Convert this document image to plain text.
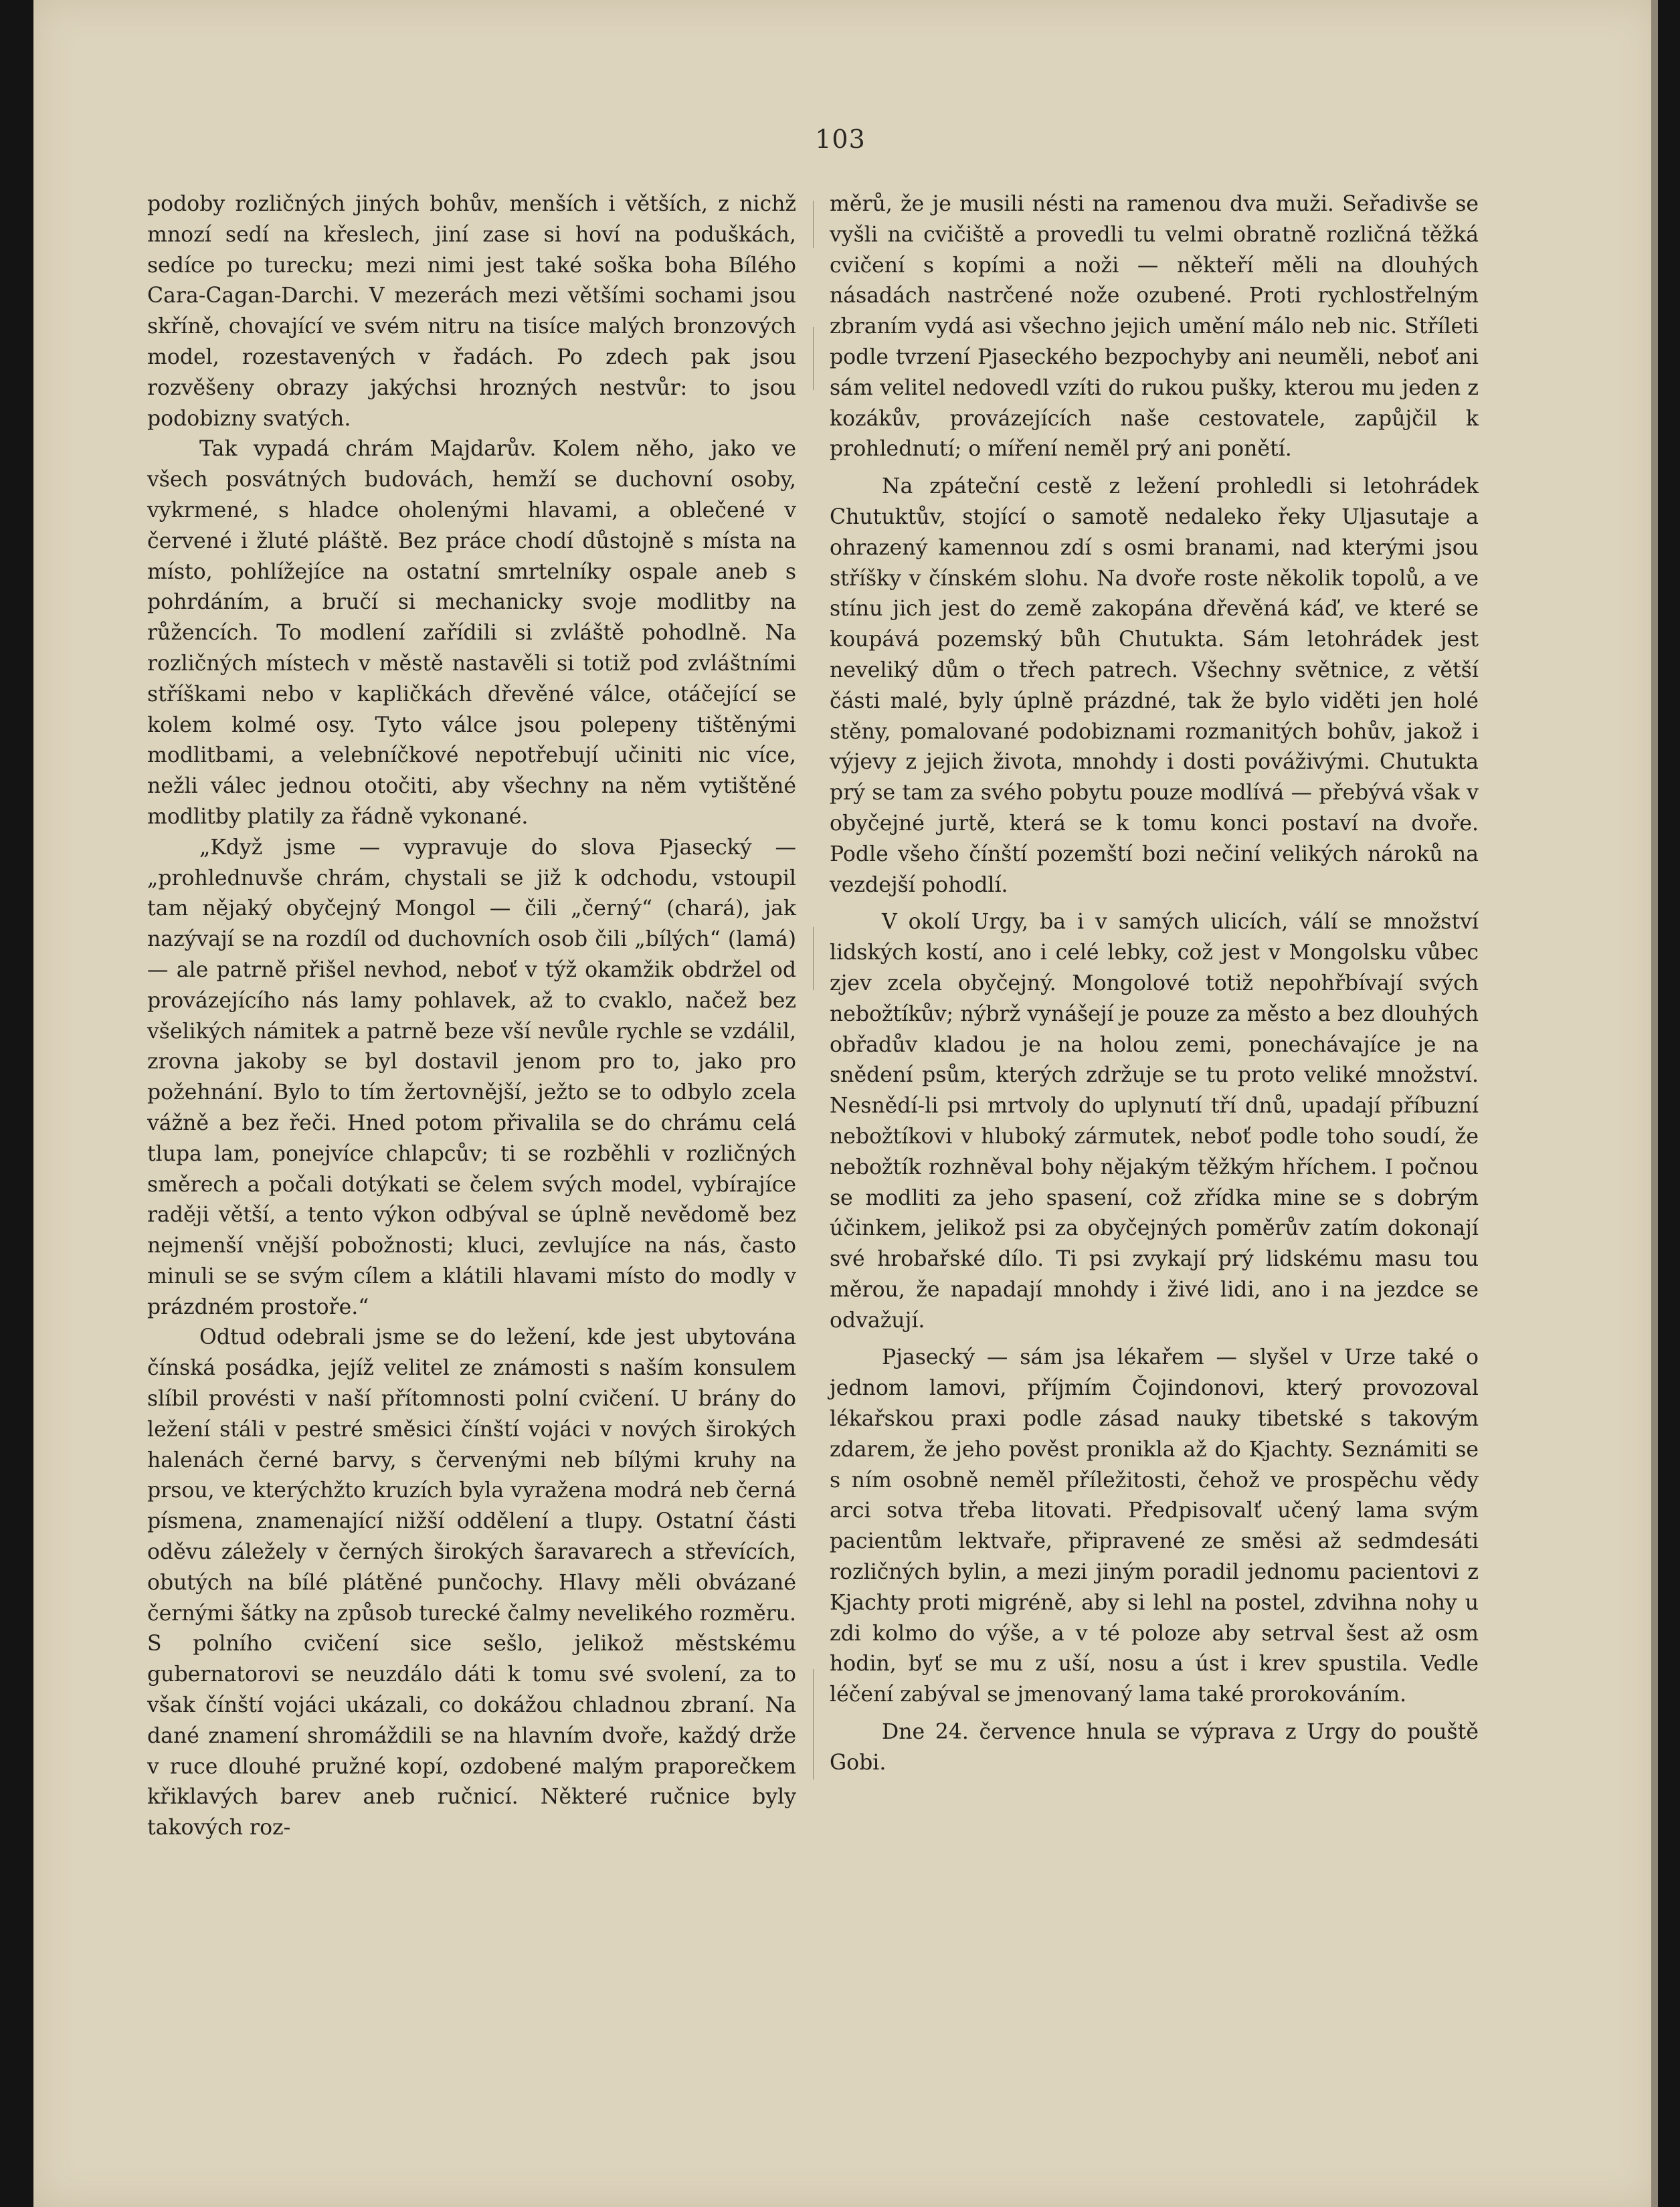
103

podoby rozličných jiných bohův, menších i větších, z nichž mnozí sedí na křeslech, jiní zase si hoví na poduškách, sedíce po turecku; mezi nimi jest také soška boha Bílého Cara-Cagan-Darchi. V mezerách mezi většími sochami jsou skříně, chovající ve svém nitru na tisíce malých bronzových model, rozestavených v řadách. Po zdech pak jsou rozvěšeny obrazy jakýchsi hrozných nestvůr: to jsou podobizny svatých.

Tak vypadá chrám Majdarův. Kolem něho, jako ve všech posvátných budovách, hemží se duchovní osoby, vykrmené, s hladce oholenými hlavami, a oblečené v červené i žluté pláště. Bez práce chodí důstojně s místa na místo, pohlížejíce na ostatní smrtelníky ospale aneb s pohrdáním, a bručí si mechanicky svoje modlitby na růžencích. To modlení zařídili si zvláště pohodlně. Na rozličných místech v městě nastavěli si totiž pod zvláštními stříškami nebo v kapličkách dřevěné válce, otáčející se kolem kolmé osy. Tyto válce jsou polepeny tištěnými modlitbami, a velebníčkové nepotřebují učiniti nic více, nežli válec jednou otočiti, aby všechny na něm vytištěné modlitby platily za řádně vykonané.

„Když jsme — vypravuje do slova Pjasecký — „prohlednuvše chrám, chystali se již k odchodu, vstoupil tam nějaký obyčejný Mongol — čili „černý“ (chará), jak nazývají se na rozdíl od duchovních osob čili „bílých“ (lamá) — ale patrně přišel nevhod, neboť v týž okamžik obdržel od provázejícího nás lamy pohlavek, až to cvaklo, načež bez všelikých námitek a patrně beze vší nevůle rychle se vzdálil, zrovna jakoby se byl dostavil jenom pro to, jako pro požehnání. Bylo to tím žertovnější, ježto se to odbylo zcela vážně a bez řeči. Hned potom přivalila se do chrámu celá tlupa lam, ponejvíce chlapcův; ti se rozběhli v rozličných směrech a počali dotýkati se čelem svých model, vybírajíce raději větší, a tento výkon odbýval se úplně nevědomě bez nejmenší vnější pobožnosti; kluci, zevlujíce na nás, často minuli se se svým cílem a klátili hlavami místo do modly v prázdném prostoře.“

Odtud odebrali jsme se do ležení, kde jest ubytována čínská posádka, jejíž velitel ze známosti s naším konsulem slíbil provésti v naší přítomnosti polní cvičení. U brány do ležení stáli v pestré směsici čínští vojáci v nových širokých halenách černé barvy, s červenými neb bílými kruhy na prsou, ve kterýchžto kruzích byla vyražena modrá neb černá písmena, znamenající nižší oddělení a tlupy. Ostatní části oděvu záležely v černých širokých šaravarech a střevících, obutých na bílé plátěné punčochy. Hlavy měli obvázané černými šátky na způsob turecké čalmy nevelikého rozměru. S polního cvičení sice sešlo, jelikož městskému gubernatorovi se neuzdálo dáti k tomu své svolení, za to však čínští vojáci ukázali, co dokážou chladnou zbraní. Na dané znamení shromáždili se na hlavním dvoře, každý drže v ruce dlouhé pružné kopí, ozdobené malým praporečkem křiklavých barev aneb ručnicí. Některé ručnice byly takových roz-

měrů, že je musili nésti na ramenou dva muži. Seřadivše se vyšli na cvičiště a provedli tu velmi obratně rozličná těžká cvičení s kopími a noži — někteří měli na dlouhých násadách nastrčené nože ozubené. Proti rychlostřelným zbraním vydá asi všechno jejich umění málo neb nic. Stříleti podle tvrzení Pjaseckého bezpochyby ani neuměli, neboť ani sám velitel nedovedl vzíti do rukou pušky, kterou mu jeden z kozákův, provázejících naše cestovatele, zapůjčil k prohlednutí; o míření neměl prý ani ponětí.

Na zpáteční cestě z ležení prohledli si letohrádek Chutuktův, stojící o samotě nedaleko řeky Uljasutaje a ohrazený kamennou zdí s osmi branami, nad kterými jsou stříšky v čínském slohu. Na dvoře roste několik topolů, a ve stínu jich jest do země zakopána dřevěná káď, ve které se koupává pozemský bůh Chutukta. Sám letohrádek jest neveliký dům o třech patrech. Všechny světnice, z větší části malé, byly úplně prázdné, tak že bylo viděti jen holé stěny, pomalované podobiznami rozmanitých bohův, jakož i výjevy z jejich života, mnohdy i dosti pováživými. Chutukta prý se tam za svého pobytu pouze modlívá — přebývá však v obyčejné jurtě, která se k tomu konci postaví na dvoře. Podle všeho čínští pozemští bozi nečiní velikých nároků na vezdejší pohodlí.

V okolí Urgy, ba i v samých ulicích, válí se množství lidských kostí, ano i celé lebky, což jest v Mongolsku vůbec zjev zcela obyčejný. Mongolové totiž nepohřbívají svých nebožtíkův; nýbrž vynášejí je pouze za město a bez dlouhých obřadův kladou je na holou zemi, ponechávajíce je na snědení psům, kterých zdržuje se tu proto veliké množství. Nesnědí-li psi mrtvoly do uplynutí tří dnů, upadají příbuzní nebožtíkovi v hluboký zármutek, neboť podle toho soudí, že nebožtík rozhněval bohy nějakým těžkým hříchem. I počnou se modliti za jeho spasení, což zřídka mine se s dobrým účinkem, jelikož psi za obyčejných poměrův zatím dokonají své hrobařské dílo. Ti psi zvykají prý lidskému masu tou měrou, že napadají mnohdy i živé lidi, ano i na jezdce se odvažují.

Pjasecký — sám jsa lékařem — slyšel v Urze také o jednom lamovi, příjmím Čojindonovi, který provozoval lékařskou praxi podle zásad nauky tibetské s takovým zdarem, že jeho pověst pronikla až do Kjachty. Seznámiti se s ním osobně neměl příležitosti, čehož ve prospěchu vědy arci sotva třeba litovati. Předpisovalť učený lama svým pacientům lektvaře, připravené ze směsi až sedmdesáti rozličných bylin, a mezi jiným poradil jednomu pacientovi z Kjachty proti migréně, aby si lehl na postel, zdvihna nohy u zdi kolmo do výše, a v té poloze aby setrval šest až osm hodin, byť se mu z uší, nosu a úst i krev spustila. Vedle léčení zabýval se jmenovaný lama také prorokováním.

Dne 24. července hnula se výprava z Urgy do pouště Gobi.
